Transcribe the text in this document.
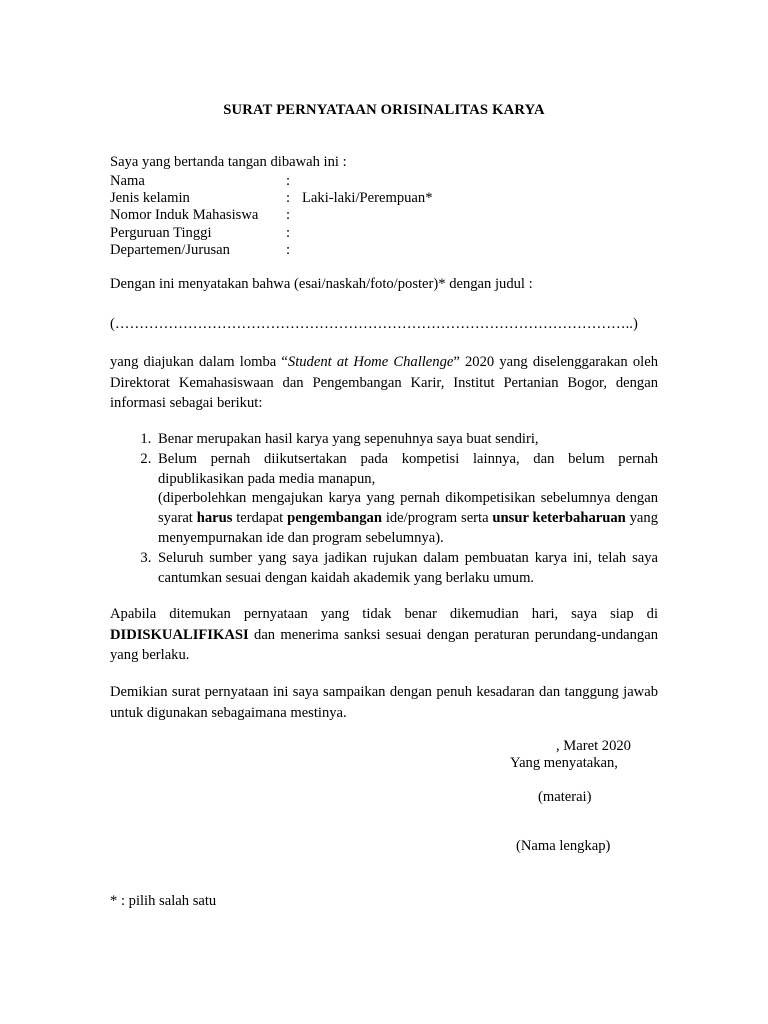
SURAT PERNYATAAN ORISINALITAS KARYA

Saya yang bertanda tangan dibawah ini :

Nama	:	
Jenis kelamin	:	Laki-laki/Perempuan*
Nomor Induk Mahasiswa	:	
Perguruan Tinggi	:	
Departemen/Jurusan	:	

Dengan ini menyatakan bahwa (esai/naskah/foto/poster)* dengan judul :

(……………………………………………………………………………………………..)

yang diajukan dalam lomba “Student at Home Challenge” 2020 yang diselenggarakan oleh Direktorat Kemahasiswaan dan Pengembangan Karir, Institut Pertanian Bogor, dengan informasi sebagai berikut:

1. Benar merupakan hasil karya yang sepenuhnya saya buat sendiri,
2. Belum pernah diikutsertakan pada kompetisi lainnya, dan belum pernah dipublikasikan pada media manapun,
(diperbolehkan mengajukan karya yang pernah dikompetisikan sebelumnya dengan syarat harus terdapat pengembangan ide/program serta unsur keterbaharuan yang menyempurnakan ide dan program sebelumnya).
3. Seluruh sumber yang saya jadikan rujukan dalam pembuatan karya ini, telah saya cantumkan sesuai dengan kaidah akademik yang berlaku umum.

Apabila ditemukan pernyataan yang tidak benar dikemudian hari, saya siap di DIDISKUALIFIKASI dan menerima sanksi sesuai dengan peraturan perundang-undangan yang berlaku.

Demikian surat pernyataan ini saya sampaikan dengan penuh kesadaran dan tanggung jawab untuk digunakan sebagaimana mestinya.

, Maret 2020

Yang menyatakan,

(materai)

(Nama lengkap)

* : pilih salah satu
